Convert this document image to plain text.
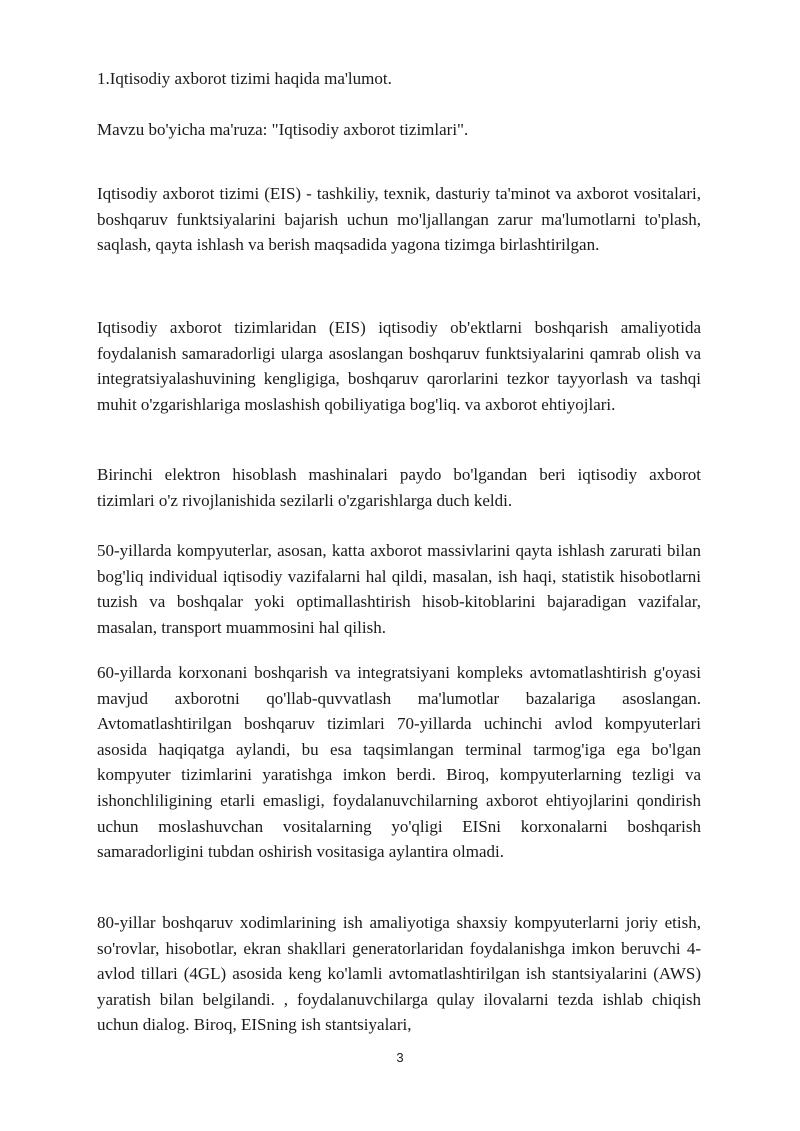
1.Iqtisodiy axborot tizimi haqida ma'lumot.
Mavzu bo'yicha ma'ruza: "Iqtisodiy axborot tizimlari".

Iqtisodiy axborot tizimi (EIS) - tashkiliy, texnik, dasturiy ta'minot va axborot vositalari, boshqaruv funktsiyalarini bajarish uchun mo'ljallangan zarur ma'lumotlarni to'plash, saqlash, qayta ishlash va berish maqsadida yagona tizimga birlashtirilgan.

Iqtisodiy axborot tizimlaridan (EIS) iqtisodiy ob'ektlarni boshqarish amaliyotida foydalanish samaradorligi ularga asoslangan boshqaruv funktsiyalarini qamrab olish va integratsiyalashuvining kengligiga, boshqaruv qarorlarini tezkor tayyorlash va tashqi muhit o'zgarishlariga moslashish qobiliyatiga bog'liq. va axborot ehtiyojlari.

Birinchi elektron hisoblash mashinalari paydo bo'lgandan beri iqtisodiy axborot tizimlari o'z rivojlanishida sezilarli o'zgarishlarga duch keldi.

50-yillarda kompyuterlar, asosan, katta axborot massivlarini qayta ishlash zarurati bilan bog'liq individual iqtisodiy vazifalarni hal qildi, masalan, ish haqi, statistik hisobotlarni tuzish va boshqalar yoki optimallashtirish hisob-kitoblarini bajaradigan vazifalar, masalan, transport muammosini hal qilish.

60-yillarda korxonani boshqarish va integratsiyani kompleks avtomatlashtirish g'oyasi mavjud axborotni qo'llab-quvvatlash ma'lumotlar bazalariga asoslangan. Avtomatlashtirilgan boshqaruv tizimlari 70-yillarda uchinchi avlod kompyuterlari asosida haqiqatga aylandi, bu esa taqsimlangan terminal tarmog'iga ega bo'lgan kompyuter tizimlarini yaratishga imkon berdi. Biroq, kompyuterlarning tezligi va ishonchliligining etarli emasligi, foydalanuvchilarning axborot ehtiyojlarini qondirish uchun moslashuvchan vositalarning yo'qligi EISni korxonalarni boshqarish samaradorligini tubdan oshirish vositasiga aylantira olmadi.

80-yillar boshqaruv xodimlarining ish amaliyotiga shaxsiy kompyuterlarni joriy etish, so'rovlar, hisobotlar, ekran shakllari generatorlaridan foydalanishga imkon beruvchi 4-avlod tillari (4GL) asosida keng ko'lamli avtomatlashtirilgan ish stantsiyalarini (AWS) yaratish bilan belgilandi. , foydalanuvchilarga qulay ilovalarni tezda ishlab chiqish uchun dialog. Biroq, EISning ish stantsiyalari,

3
